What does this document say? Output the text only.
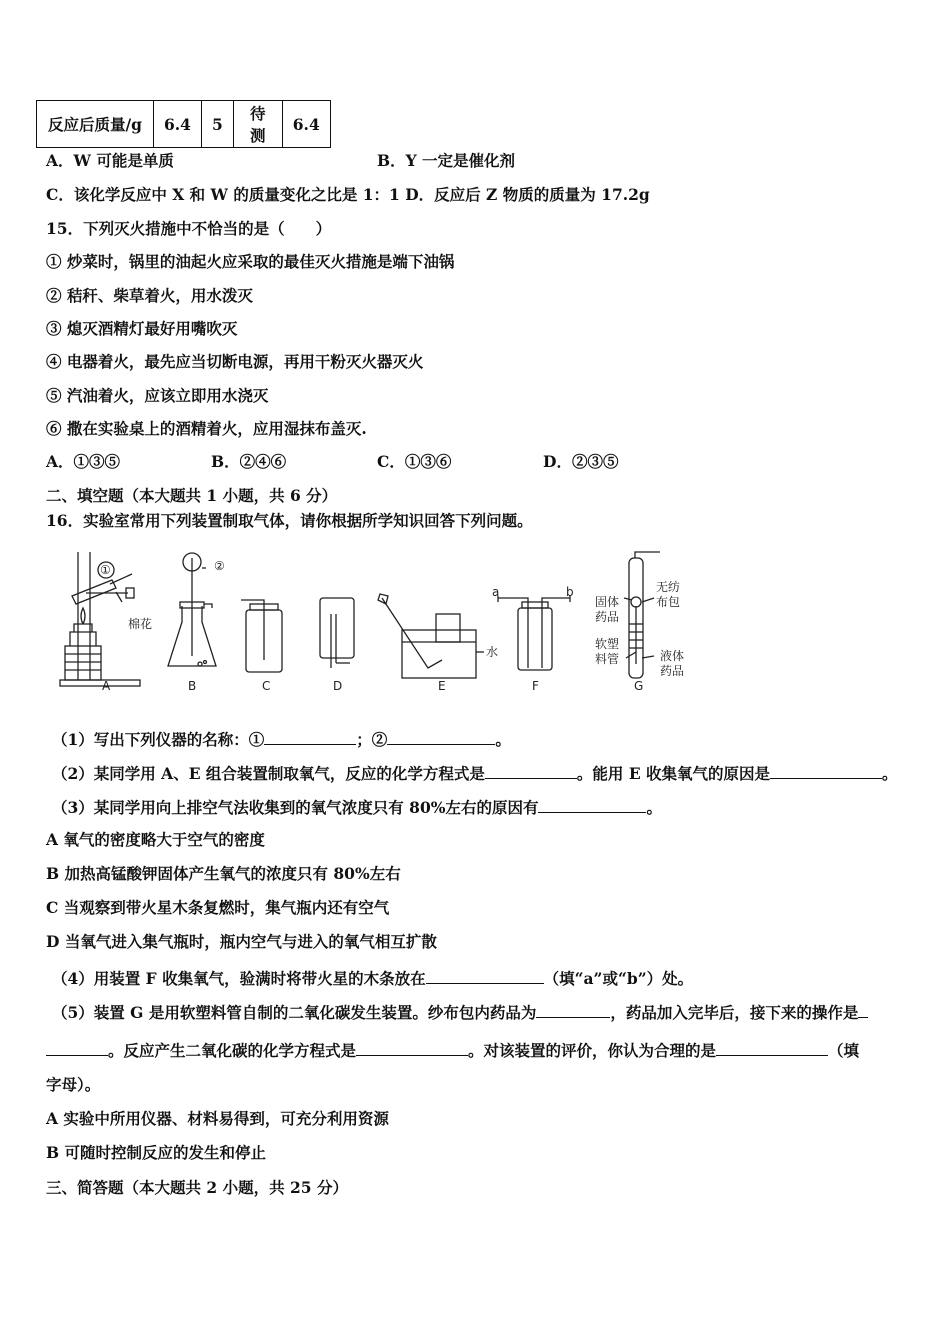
反应后质量/g	6.4	5	待测	6.4
A．W 可能是单质	B．Y 一定是催化剂
C．该化学反应中 X 和 W 的质量变化之比是 1：1 D．反应后 Z 物质的质量为 17.2g
15．下列灭火措施中不恰当的是（　　）
① 炒菜时，锅里的油起火应采取的最佳灭火措施是端下油锅
② 秸秆、柴草着火，用水泼灭
③ 熄灭酒精灯最好用嘴吹灭
④ 电器着火，最先应当切断电源，再用干粉灭火器灭火
⑤ 汽油着火，应该立即用水浇灭
⑥ 撒在实验桌上的酒精着火，应用湿抹布盖灭.
A．①③⑤	B．②④⑥	C．①③⑥	D．②③⑤
二、填空题（本大题共 1 小题，共 6 分）
16．实验室常用下列装置制取气体，请你根据所学知识回答下列问题。
A	B	C	D	E	F	G
①	②
棉花
水
a	b
固体
药品
软塑
料管
无纺
布包
液体
药品
（1）写出下列仪器的名称：①	；②	。
（2）某同学用 A、E 组合装置制取氧气，反应的化学方程式是	。能用 E 收集氧气的原因是	。
（3）某同学用向上排空气法收集到的氧气浓度只有 80%左右的原因有	。
A 氧气的密度略大于空气的密度
B 加热高锰酸钾固体产生氧气的浓度只有 80%左右
C 当观察到带火星木条复燃时，集气瓶内还有空气
D 当氧气进入集气瓶时，瓶内空气与进入的氧气相互扩散
（4）用装置 F 收集氧气，验满时将带火星的木条放在	（填“a”或“b”）处。
（5）装置 G 是用软塑料管自制的二氧化碳发生装置。纱布包内药品为	，药品加入完毕后，接下来的操作是
。反应产生二氧化碳的化学方程式是	。对该装置的评价，你认为合理的是	（填
字母）。
A 实验中所用仪器、材料易得到，可充分利用资源
B 可随时控制反应的发生和停止
三、简答题（本大题共 2 小题，共 25 分）
